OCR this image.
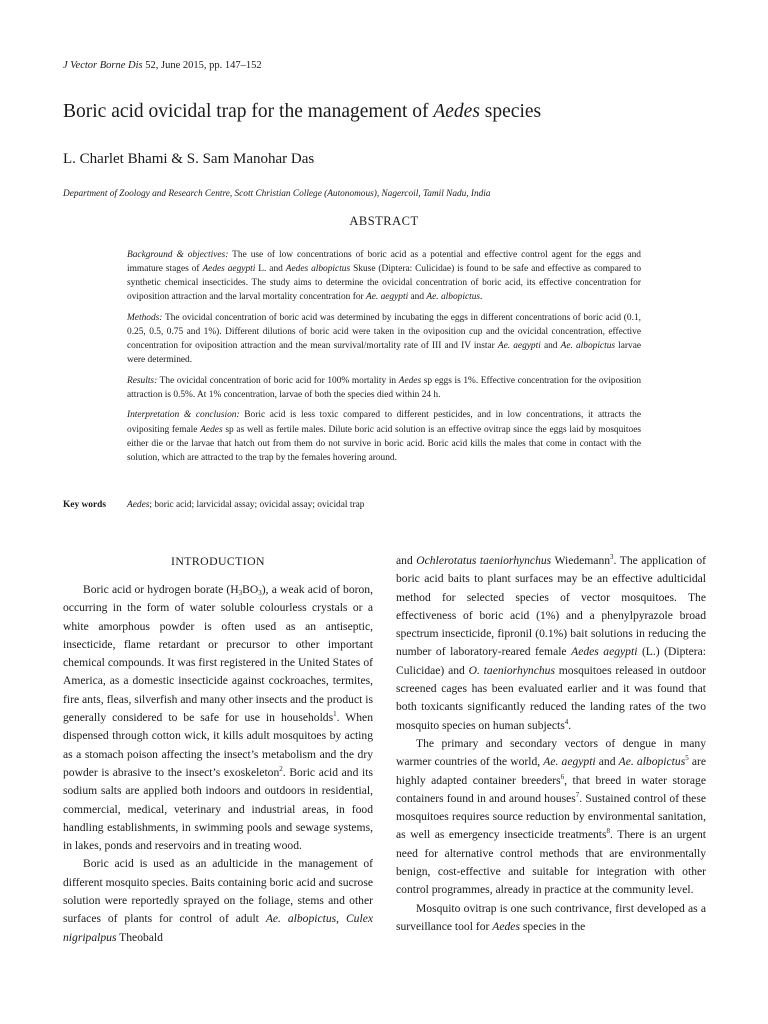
J Vector Borne Dis 52, June 2015, pp. 147–152
Boric acid ovicidal trap for the management of Aedes species
L. Charlet Bhami & S. Sam Manohar Das
Department of Zoology and Research Centre, Scott Christian College (Autonomous), Nagercoil, Tamil Nadu, India
ABSTRACT

Background & objectives: The use of low concentrations of boric acid as a potential and effective control agent for the eggs and immature stages of Aedes aegypti L. and Aedes albopictus Skuse (Diptera: Culicidae) is found to be safe and effective as compared to synthetic chemical insecticides. The study aims to determine the ovicidal concentration of boric acid, its effective concentration for oviposition attraction and the larval mortality concentration for Ae. aegypti and Ae. albopictus.

Methods: The ovicidal concentration of boric acid was determined by incubating the eggs in different concentrations of boric acid (0.1, 0.25, 0.5, 0.75 and 1%). Different dilutions of boric acid were taken in the oviposition cup and the ovicidal concentration, effective concentration for oviposition attraction and the mean survival/mortality rate of III and IV instar Ae. aegypti and Ae. albopictus larvae were determined.

Results: The ovicidal concentration of boric acid for 100% mortality in Aedes sp eggs is 1%. Effective concentration for the oviposition attraction is 0.5%. At 1% concentration, larvae of both the species died within 24 h.

Interpretation & conclusion: Boric acid is less toxic compared to different pesticides, and in low concentrations, it attracts the ovipositing female Aedes sp as well as fertile males. Dilute boric acid solution is an effective ovitrap since the eggs laid by mosquitoes either die or the larvae that hatch out from them do not survive in boric acid. Boric acid kills the males that come in contact with the solution, which are attracted to the trap by the females hovering around.

Key words Aedes; boric acid; larvicidal assay; ovicidal assay; ovicidal trap
INTRODUCTION

Boric acid or hydrogen borate $(H_3BO_3)$, a weak acid of boron, occurring in the form of water soluble colourless crystals or a white amorphous powder is often used as an antiseptic, insecticide, flame retardant or precursor to other important chemical compounds. It was first registered in the United States of America, as a domestic insecticide against cockroaches, termites, fire ants, fleas, silverfish and many other insects and the product is generally considered to be safe for use in households$^1$. When dispensed through cotton wick, it kills adult mosquitoes by acting as a stomach poison affecting the insect’s metabolism and the dry powder is abrasive to the insect’s exoskeleton$^2$. Boric acid and its sodium salts are applied both indoors and outdoors in residential, commercial, medical, veterinary and industrial areas, in food handling establishments, in swimming pools and sewage systems, in lakes, ponds and reservoirs and in treating wood.

Boric acid is used as an adulticide in the management of different mosquito species. Baits containing boric acid and sucrose solution were reportedly sprayed on the foliage, stems and other surfaces of plants for control of adult Ae. albopictus, Culex nigripalpus Theobald

and Ochlerotatus taeniorhynchus Wiedemann$^3$. The application of boric acid baits to plant surfaces may be an effective adulticidal method for selected species of vector mosquitoes. The effectiveness of boric acid (1%) and a phenylpyrazole broad spectrum insecticide, fipronil (0.1%) bait solutions in reducing the number of laboratory-reared female Aedes aegypti (L.) (Diptera: Culicidae) and O. taeniorhynchus mosquitoes released in outdoor screened cages has been evaluated earlier and it was found that both toxicants significantly reduced the landing rates of the two mosquito species on human subjects$^4$.

The primary and secondary vectors of dengue in many warmer countries of the world, Ae. aegypti and Ae. albopictus$^5$ are highly adapted container breeders$^6$, that breed in water storage containers found in and around houses$^7$. Sustained control of these mosquitoes requires source reduction by environmental sanitation, as well as emergency insecticide treatments$^8$. There is an urgent need for alternative control methods that are environmentally benign, cost-effective and suitable for integration with other control programmes, already in practice at the community level.

Mosquito ovitrap is one such contrivance, first developed as a surveillance tool for Aedes species in the
